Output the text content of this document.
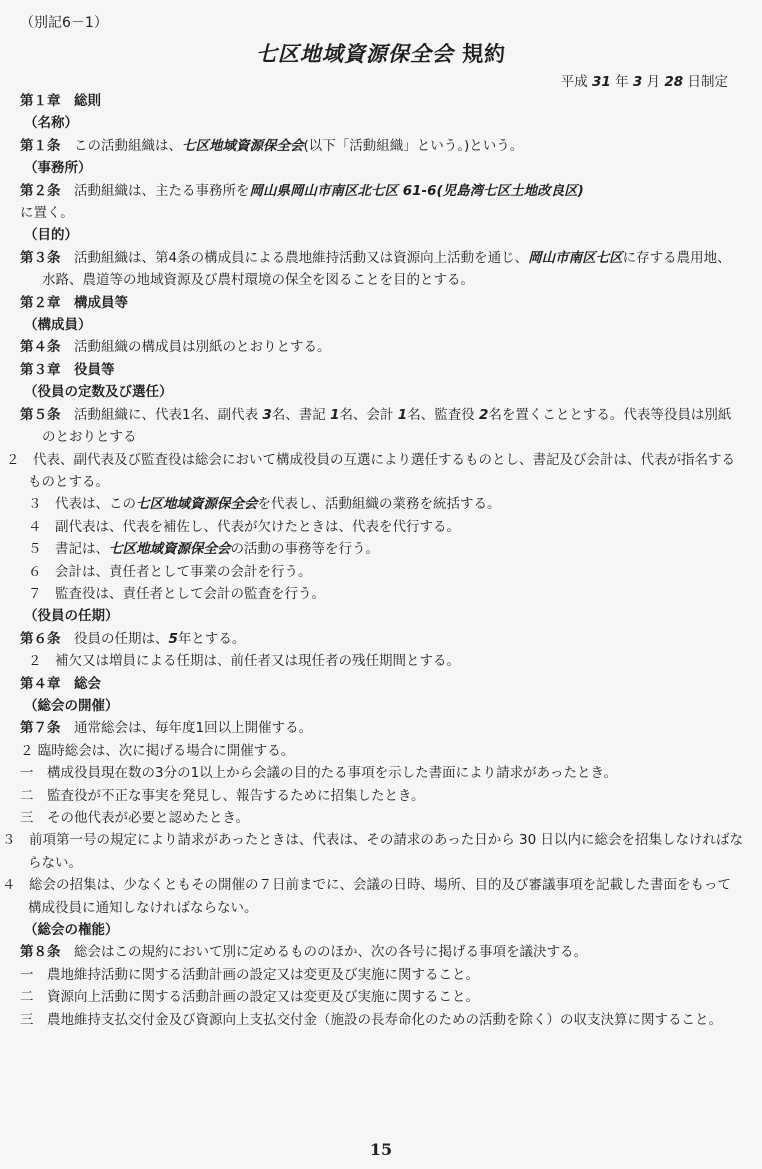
（別記6－1）
七区地域資源保全会 規約
平成 31 年 3 月 28 日制定
第１章　総則
（名称）
第１条　この活動組織は、七区地域資源保全会(以下「活動組織」という。)という。
（事務所）
第２条　活動組織は、主たる事務所を岡山県岡山市南区北七区 61-6(児島湾七区土地改良区)
に置く。
（目的）
第３条　活動組織は、第4条の構成員による農地維持活動又は資源向上活動を通じ、岡山市南区七区に存する農用地、水路、農道等の地域資源及び農村環境の保全を図ることを目的とする。
第２章　構成員等
（構成員）
第４条　活動組織の構成員は別紙のとおりとする。
第３章　役員等
（役員の定数及び選任）
第５条　活動組織に、代表1名、副代表 3名、書記 1名、会計 1名、監査役 2名を置くこととする。代表等役員は別紙のとおりとする
２　代表、副代表及び監査役は総会において構成役員の互選により選任するものとし、書記及び会計は、代表が指名するものとする。
３　代表は、この七区地域資源保全会を代表し、活動組織の業務を統括する。
４　副代表は、代表を補佐し、代表が欠けたときは、代表を代行する。
５　書記は、七区地域資源保全会の活動の事務等を行う。
６　会計は、責任者として事業の会計を行う。
７　監査役は、責任者として会計の監査を行う。
（役員の任期）
第６条　役員の任期は、5年とする。
２　補欠又は増員による任期は、前任者又は現任者の残任期間とする。
第４章　総会
（総会の開催）
第７条　通常総会は、毎年度1回以上開催する。
２ 臨時総会は、次に掲げる場合に開催する。
一　構成役員現在数の3分の1以上から会議の目的たる事項を示した書面により請求があったとき。
二　監査役が不正な事実を発見し、報告するために招集したとき。
三　その他代表が必要と認めたとき。
３　前項第一号の規定により請求があったときは、代表は、その請求のあった日から 30 日以内に総会を招集しなければならない。
４　総会の招集は、少なくともその開催の７日前までに、会議の日時、場所、目的及び審議事項を記載した書面をもって構成役員に通知しなければならない。
（総会の権能）
第８条　総会はこの規約において別に定めるもののほか、次の各号に掲げる事項を議決する。
一　農地維持活動に関する活動計画の設定又は変更及び実施に関すること。
二　資源向上活動に関する活動計画の設定又は変更及び実施に関すること。
三　農地維持支払交付金及び資源向上支払交付金（施設の長寿命化のための活動を除く）の収支決算に関すること。
15
